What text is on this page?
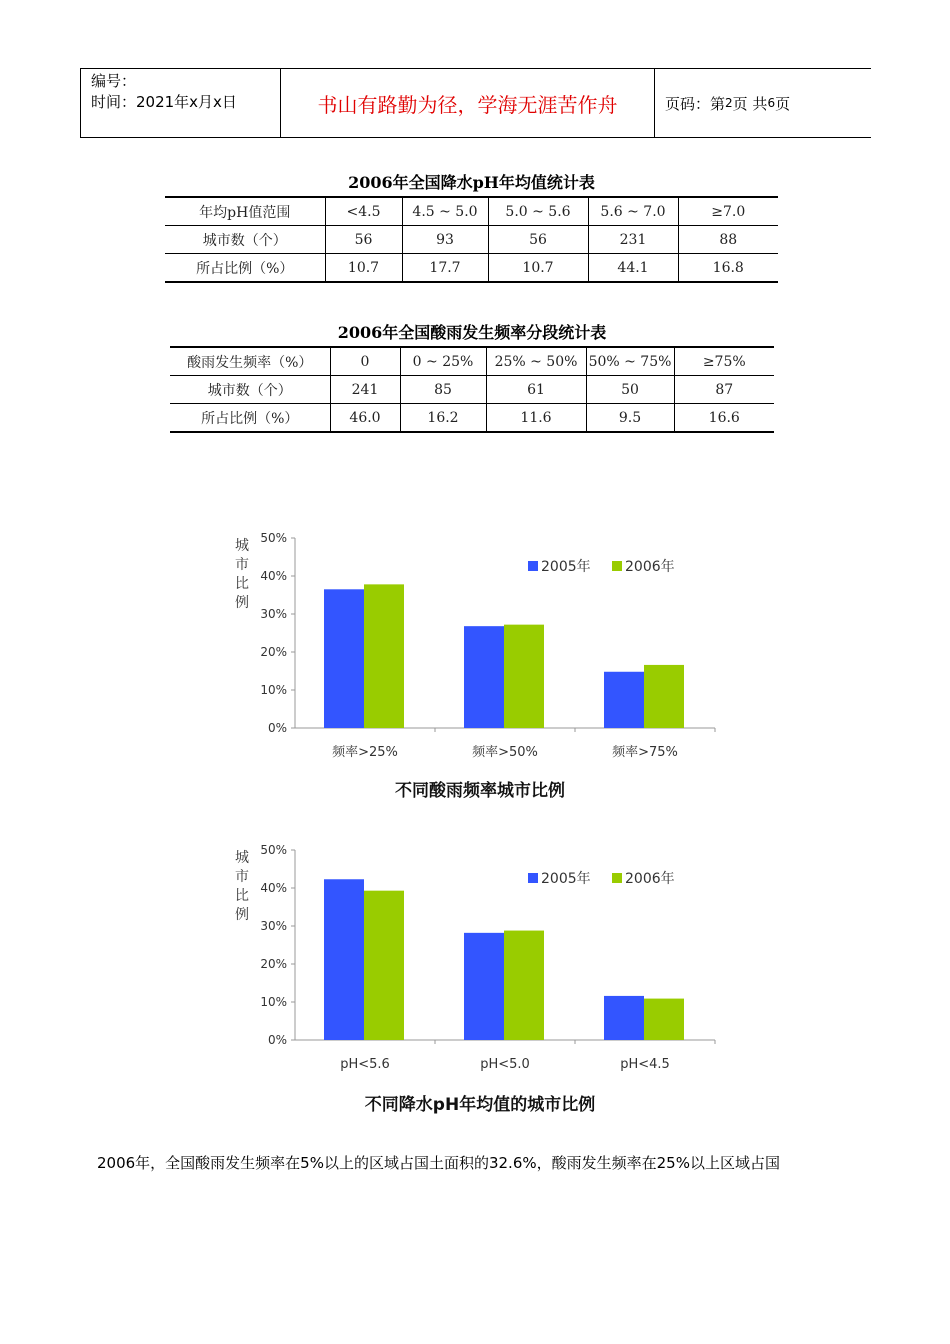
编号：
时间：2021年x月x日	书山有路勤为径，学海无涯苦作舟	页码：第 2 页 共 6 页
2006年全国降水pH年均值统计表
年均pH值范围	<4.5	4.5 ~ 5.0	5.0 ~ 5.6	5.6 ~ 7.0	≥7.0
城市数（个）	56	93	56	231	88
所占比例（%）	10.7	17.7	10.7	44.1	16.8
2006年全国酸雨发生频率分段统计表
酸雨发生频率（%）	0	0 ~ 25%	25% ~ 50%	50% ~ 75%	≥75%
城市数（个）	241	85	61	50	87
所占比例（%）	46.0	16.2	11.6	9.5	16.6
城
市
比
例
0%
10%
20%
30%
40%
50%
频率>25%	频率>50%	频率>75%
2005年 2006年
不同酸雨频率城市比例
城
市
比
例
0%
10%
20%
30%
40%
50%
pH<5.6	pH<5.0	pH<4.5
2005年 2006年
不同降水pH年均值的城市比例
2006年，全国酸雨发生频率在5%以上的区域占国土面积的32.6%，酸雨发生频率在25%以上区域占国
